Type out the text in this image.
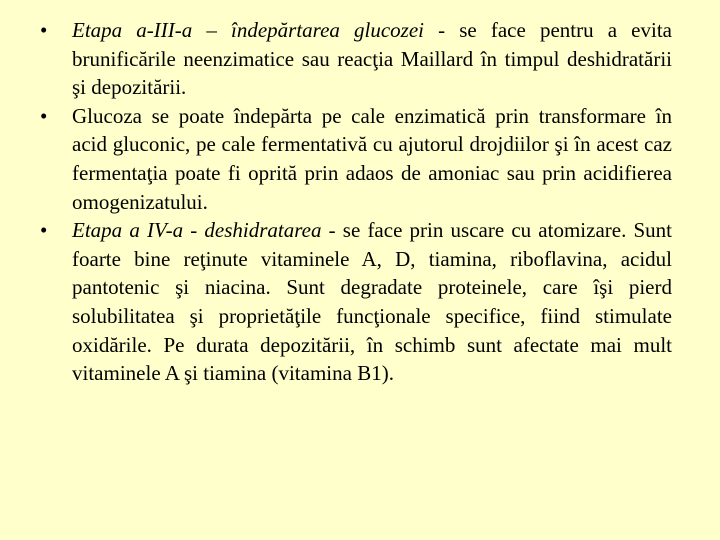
•	Etapa a-III-a – îndepărtarea glucozei - se face pentru a evita brunificările neenzimatice sau reacţia Maillard în timpul deshidratării şi depozitării.
•	Glucoza se poate îndepărta pe cale enzimatică prin transformare în acid gluconic, pe cale fermentativă cu ajutorul drojdiilor şi în acest caz fermentaţia poate fi oprită prin adaos de amoniac sau prin acidifierea omogenizatului.
•	Etapa a IV-a - deshidratarea - se face prin uscare cu atomizare. Sunt foarte bine reţinute vitaminele A, D, tiamina, riboflavina, acidul pantotenic şi niacina. Sunt degradate proteinele, care îşi pierd solubilitatea şi proprietăţile funcţionale specifice, fiind stimulate oxidările. Pe durata depozitării, în schimb sunt afectate mai mult vitaminele A şi tiamina (vitamina B1).
